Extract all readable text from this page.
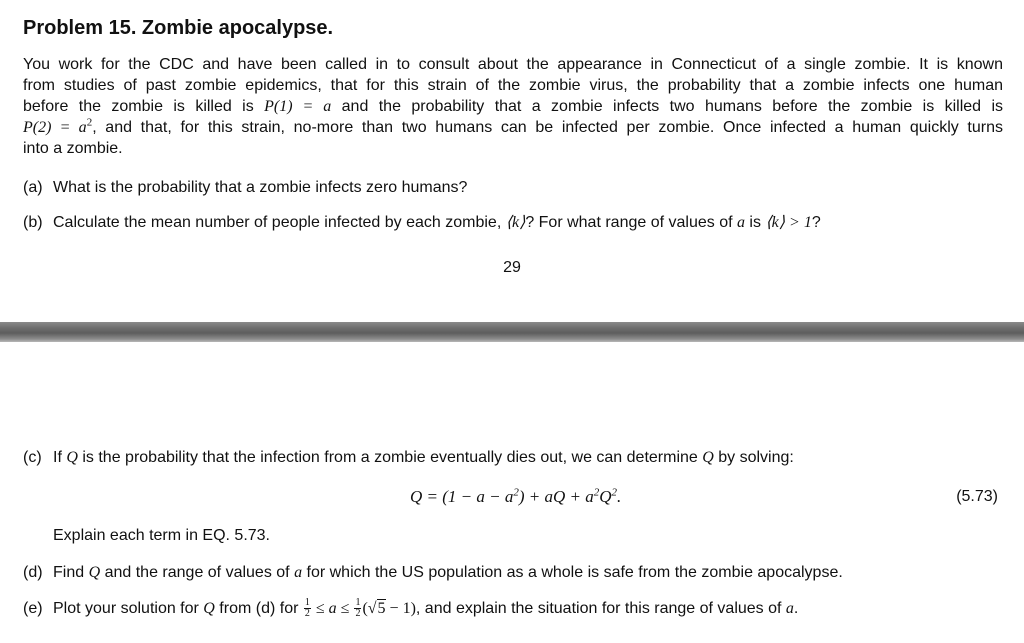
Problem 15. Zombie apocalypse.
You work for the CDC and have been called in to consult about the appearance in Connecticut of a single zombie. It is known
from studies of past zombie epidemics, that for this strain of the zombie virus, the probability that a zombie infects one human
before the zombie is killed is P(1) = a and the probability that a zombie infects two humans before the zombie is killed is
$P(2) = a^2$, and that, for this strain, no-more than two humans can be infected per zombie. Once infected a human quickly turns
into a zombie.
(a) What is the probability that a zombie infects zero humans?
(b) Calculate the mean number of people infected by each zombie, ⟨k⟩? For what range of values of a is ⟨k⟩ > 1?
29
(c) If Q is the probability that the infection from a zombie eventually dies out, we can determine Q by solving:
$Q = (1 - a - a^2)$ + aQ + $a^2Q^2$.	(5.73)
Explain each term in EQ. 5.73.
(d) Find Q and the range of values of a for which the US population as a whole is safe from the zombie apocalypse.
(e) Plot your solution for Q from (d) for $\frac{1}{2} \le a \le \frac{1}{2} (√5 - 1)$, and explain the situation for this range of values of a.
